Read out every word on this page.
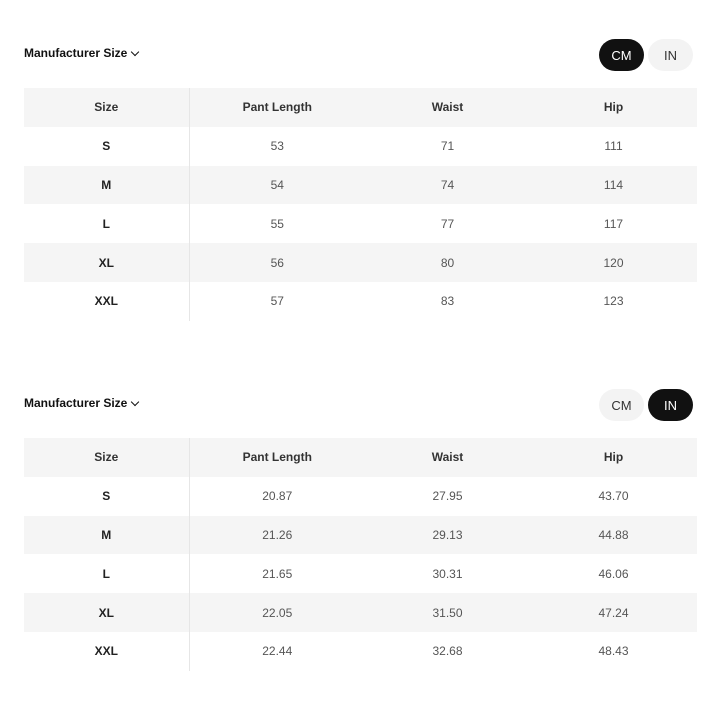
Manufacturer Size	CM	IN
Size	Pant Length	Waist	Hip
S	53	71	111
M	54	74	114
L	55	77	117
XL	56	80	120
XXL	57	83	123
Manufacturer Size	CM	IN
Size	Pant Length	Waist	Hip
S	20.87	27.95	43.70
M	21.26	29.13	44.88
L	21.65	30.31	46.06
XL	22.05	31.50	47.24
XXL	22.44	32.68	48.43
